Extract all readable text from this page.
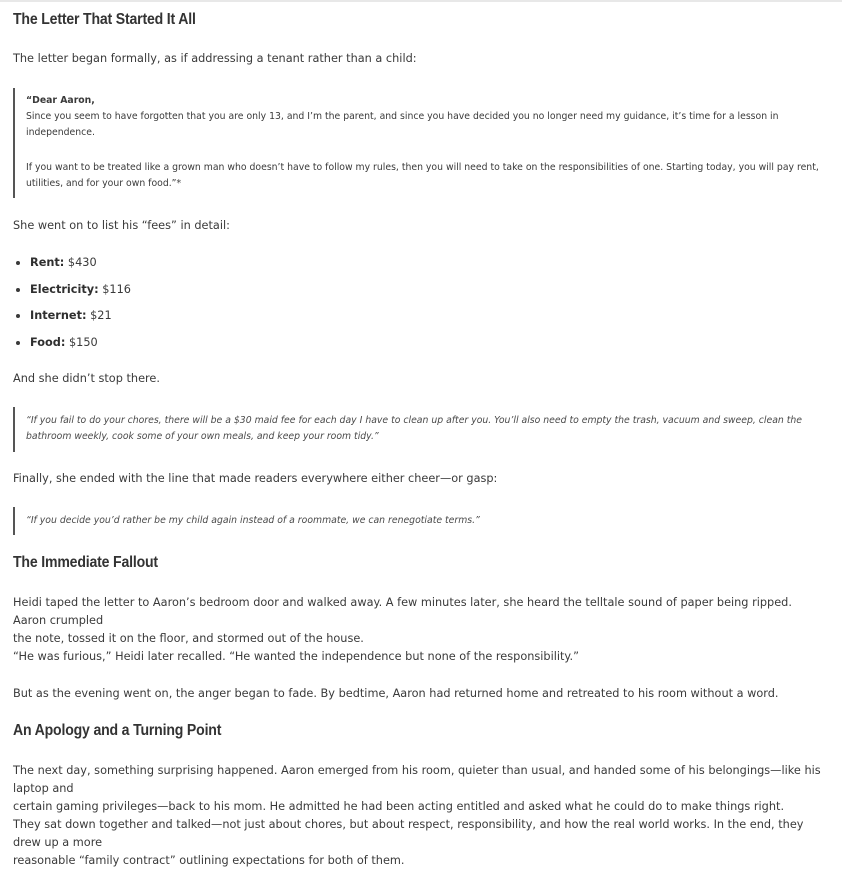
The Letter That Started It All

The letter began formally, as if addressing a tenant rather than a child:

“Dear Aaron,
Since you seem to have forgotten that you are only 13, and I’m the parent, and since you have decided you no longer need my guidance, it’s time for a lesson in
independence.
If you want to be treated like a grown man who doesn’t have to follow my rules, then you will need to take on the responsibilities of one. Starting today, you will pay rent,
utilities, and for your own food.”*

She went on to list his “fees” in detail:

Rent: $430
Electricity: $116
Internet: $21
Food: $150

And she didn’t stop there.

“If you fail to do your chores, there will be a $30 maid fee for each day I have to clean up after you. You’ll also need to empty the trash, vacuum and sweep, clean the
bathroom weekly, cook some of your own meals, and keep your room tidy.”

Finally, she ended with the line that made readers everywhere either cheer—or gasp:

“If you decide you’d rather be my child again instead of a roommate, we can renegotiate terms.”
The Immediate Fallout

Heidi taped the letter to Aaron’s bedroom door and walked away. A few minutes later, she heard the telltale sound of paper being ripped. Aaron crumpled
the note, tossed it on the floor, and stormed out of the house.

“He was furious,” Heidi later recalled. “He wanted the independence but none of the responsibility.”

But as the evening went on, the anger began to fade. By bedtime, Aaron had returned home and retreated to his room without a word.

An Apology and a Turning Point

The next day, something surprising happened. Aaron emerged from his room, quieter than usual, and handed some of his belongings—like his laptop and
certain gaming privileges—back to his mom. He admitted he had been acting entitled and asked what he could do to make things right.

They sat down together and talked—not just about chores, but about respect, responsibility, and how the real world works. In the end, they drew up a more
reasonable “family contract” outlining expectations for both of them.
